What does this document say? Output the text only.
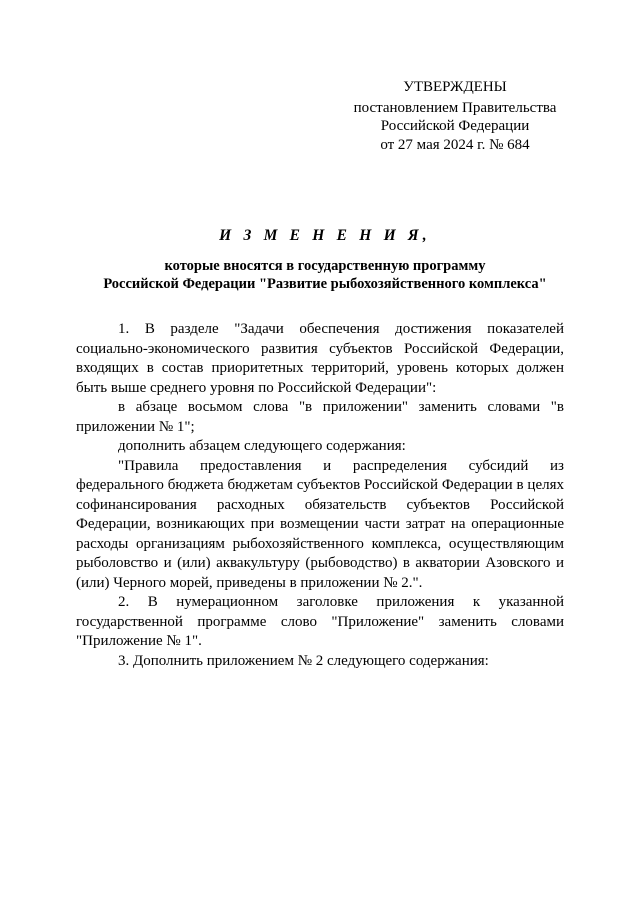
УТВЕРЖДЕНЫ
постановлением Правительства
Российской Федерации
от 27 мая 2024 г. № 684
И З М Е Н Е Н И Я,
которые вносятся в государственную программу
Российской Федерации "Развитие рыбохозяйственного комплекса"

1. В разделе "Задачи обеспечения достижения показателей социально-экономического развития субъектов Российской Федерации, входящих в состав приоритетных территорий, уровень которых должен быть выше среднего уровня по Российской Федерации":

в абзаце восьмом слова "в приложении" заменить словами "в приложении № 1";

дополнить абзацем следующего содержания:

"Правила предоставления и распределения субсидий из федерального бюджета бюджетам субъектов Российской Федерации в целях софинансирования расходных обязательств субъектов Российской Федерации, возникающих при возмещении части затрат на операционные расходы организациям рыбохозяйственного комплекса, осуществляющим рыболовство и (или) аквакультуру (рыбоводство) в акватории Азовского и (или) Черного морей, приведены в приложении № 2.".

2. В нумерационном заголовке приложения к указанной государственной программе слово "Приложение" заменить словами "Приложение № 1".

3. Дополнить приложением № 2 следующего содержания:
